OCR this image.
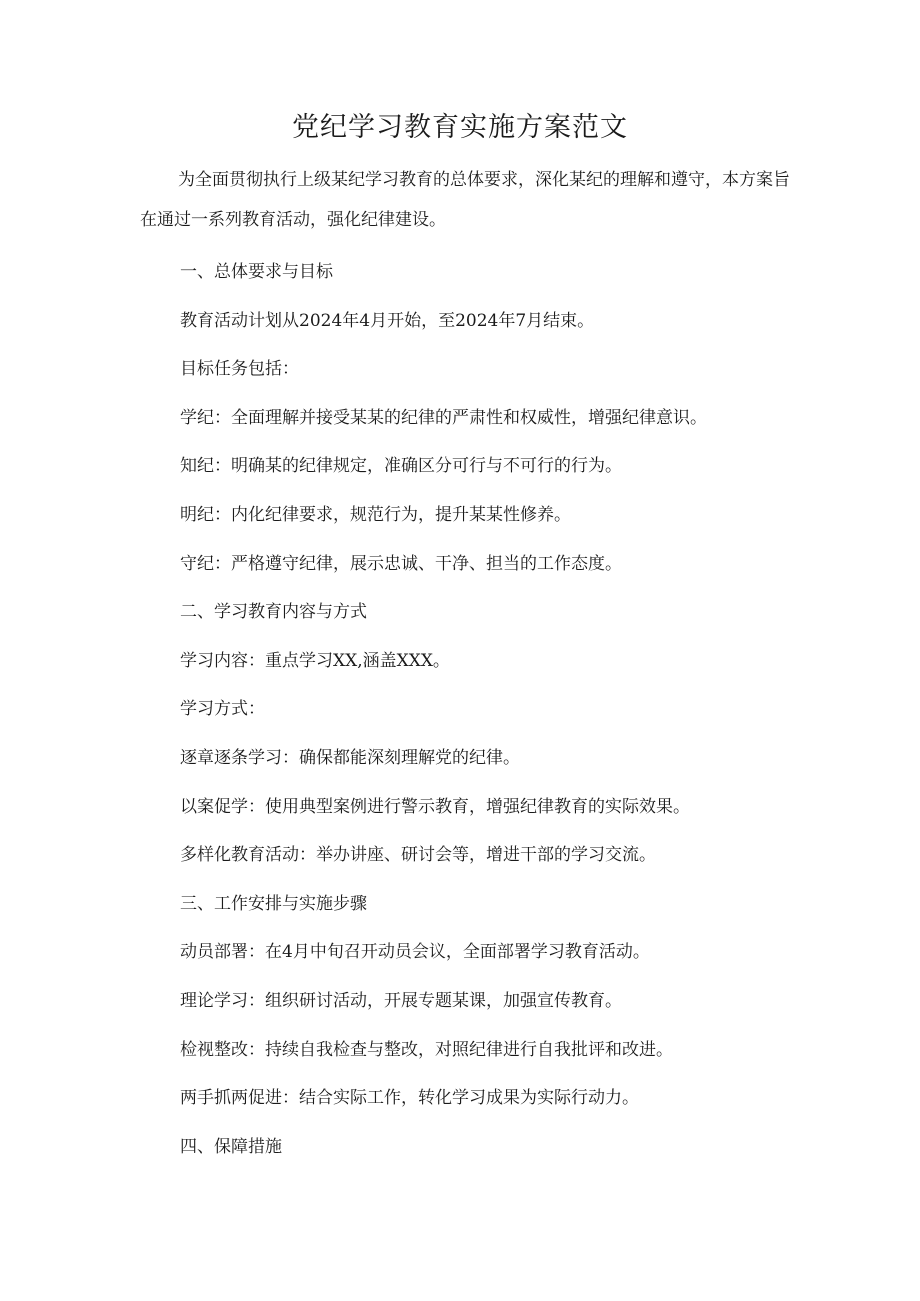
党纪学习教育实施方案范文

为全面贯彻执行上级某纪学习教育的总体要求，深化某纪的理解和遵守，本方案旨在通过一系列教育活动，强化纪律建设。

一、总体要求与目标
教育活动计划从2024年4月开始，至2024年7月结束。
目标任务包括：
学纪：全面理解并接受某某的纪律的严肃性和权威性，增强纪律意识。
知纪：明确某的纪律规定，准确区分可行与不可行的行为。
明纪：内化纪律要求，规范行为，提升某某性修养。
守纪：严格遵守纪律，展示忠诚、干净、担当的工作态度。
二、学习教育内容与方式
学习内容：重点学习XX,涵盖XXX。
学习方式：
逐章逐条学习：确保都能深刻理解党的纪律。
以案促学：使用典型案例进行警示教育，增强纪律教育的实际效果。
多样化教育活动：举办讲座、研讨会等，增进干部的学习交流。
三、工作安排与实施步骤
动员部署：在4月中旬召开动员会议，全面部署学习教育活动。
理论学习：组织研讨活动，开展专题某课，加强宣传教育。
检视整改：持续自我检查与整改，对照纪律进行自我批评和改进。
两手抓两促进：结合实际工作，转化学习成果为实际行动力。
四、保障措施
